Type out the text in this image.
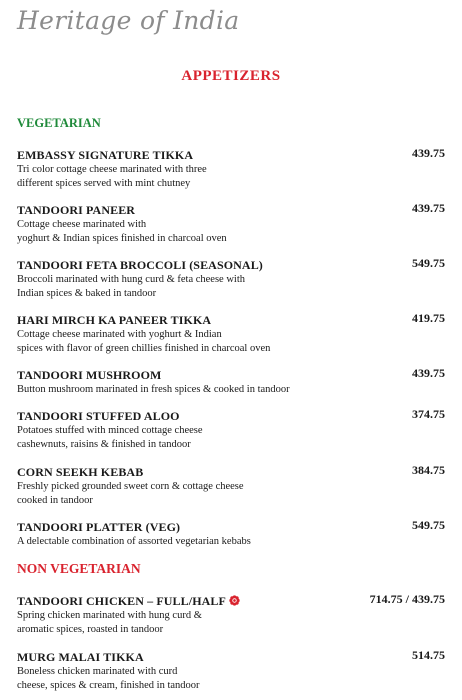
Heritage of India
APPETIZERS
VEGETARIAN
NON VEGETARIAN
EMBASSY SIGNATURE TIKKA	439.75
Tri color cottage cheese marinated with three
different spices served with mint chutney
TANDOORI PANEER	439.75
Cottage cheese marinated with
yoghurt & Indian spices finished in charcoal oven
TANDOORI FETA BROCCOLI (SEASONAL)	549.75
Broccoli marinated with hung curd & feta cheese with
Indian spices & baked in tandoor
HARI MIRCH KA PANEER TIKKA	419.75
Cottage cheese marinated with yoghurt & Indian
spices with flavor of green chillies finished in charcoal oven
TANDOORI MUSHROOM	439.75
Button mushroom marinated in fresh spices & cooked in tandoor
TANDOORI STUFFED ALOO	374.75
Potatoes stuffed with minced cottage cheese
cashewnuts, raisins & finished in tandoor
CORN SEEKH KEBAB	384.75
Freshly picked grounded sweet corn & cottage cheese
cooked in tandoor
TANDOORI PLATTER (VEG)	549.75
A delectable combination of assorted vegetarian kebabs
TANDOORI CHICKEN – FULL/HALF	714.75 / 439.75
Spring chicken marinated with hung curd &
aromatic spices, roasted in tandoor
MURG MALAI TIKKA	514.75
Boneless chicken marinated with curd
cheese, spices & cream, finished in tandoor
